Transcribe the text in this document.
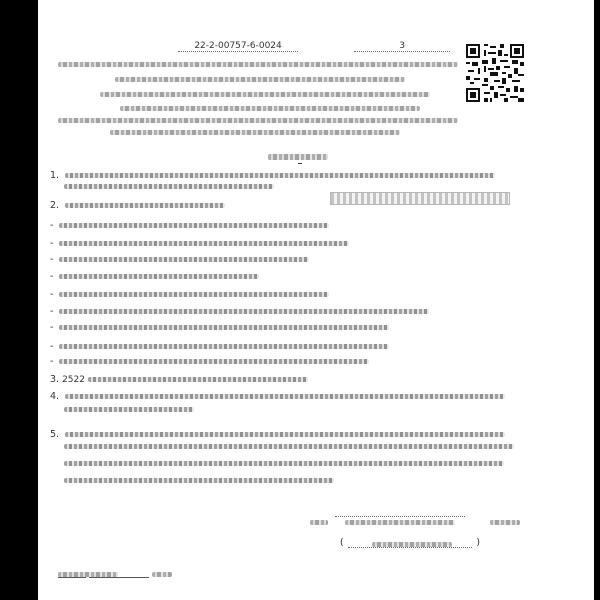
22-2-00757-6-0024	3
1.
2.
-
-
-
-
-
-
-
-
-
3. 2522
4.
5.
(	)
